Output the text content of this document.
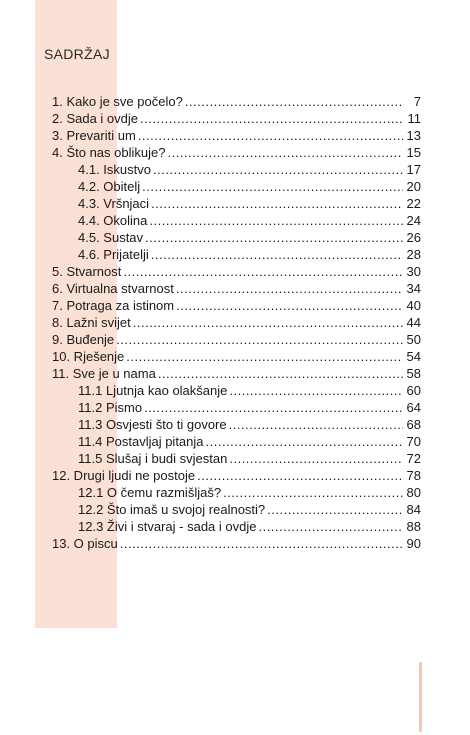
SADRŽAJ
1. Kako je sve počelo? .....	7
2. Sada i ovdje .....	11
3. Prevariti um .....	13
4. Što nas oblikuje? .....	15
4.1. Iskustvo .....	17
4.2. Obitelj .....	20
4.3. Vršnjaci .....	22
4.4. Okolina .....	24
4.5. Sustav .....	26
4.6. Prijatelji .....	28
5. Stvarnost .....	30
6. Virtualna stvarnost .....	34
7. Potraga za istinom .....	40
8. Lažni svijet .....	44
9. Buđenje .....	50
10. Rješenje .....	54
11. Sve je u nama .....	58
11.1 Ljutnja kao olakšanje .....	60
11.2 Pismo .....	64
11.3 Osvjesti što ti govore .....	68
11.4 Postavljaj pitanja .....	70
11.5 Slušaj i budi svjestan .....	72
12. Drugi ljudi ne postoje .....	78
12.1 O čemu razmišljaš? .....	80
12.2 Što imaš u svojoj realnosti? .....	84
12.3 Živi i stvaraj - sada i ovdje .....	88
13. O piscu .....	90
